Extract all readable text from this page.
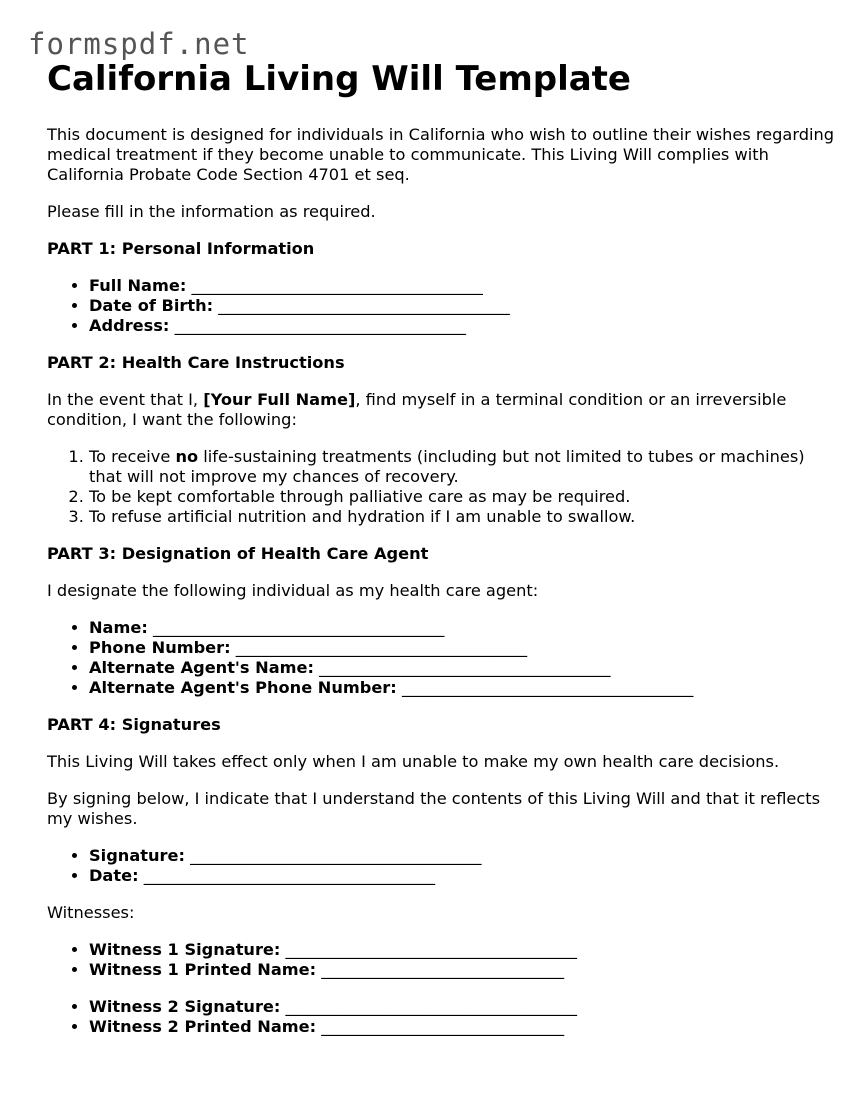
formspdf.net
California Living Will Template

This document is designed for individuals in California who wish to outline their wishes regarding medical treatment if they become unable to communicate. This Living Will complies with California Probate Code Section 4701 et seq.

Please fill in the information as required.

PART 1: Personal Information
• Full Name: ____________________________________
• Date of Birth: ____________________________________
• Address: ____________________________________
PART 2: Health Care Instructions

In the event that I, [Your Full Name], find myself in a terminal condition or an irreversible condition, I want the following:

1. To receive no life-sustaining treatments (including but not limited to tubes or machines) that will not improve my chances of recovery.
2. To be kept comfortable through palliative care as may be required.
3. To refuse artificial nutrition and hydration if I am unable to swallow.
PART 3: Designation of Health Care Agent

I designate the following individual as my health care agent:

• Name: ____________________________________
• Phone Number: ____________________________________
• Alternate Agent's Name: ____________________________________
• Alternate Agent's Phone Number: ____________________________________
PART 4: Signatures

This Living Will takes effect only when I am unable to make my own health care decisions.

By signing below, I indicate that I understand the contents of this Living Will and that it reflects my wishes.

• Signature: ____________________________________
• Date: ____________________________________

Witnesses:

• Witness 1 Signature: ____________________________________
• Witness 1 Printed Name: ______________________________
• Witness 2 Signature: ____________________________________
• Witness 2 Printed Name: ______________________________
